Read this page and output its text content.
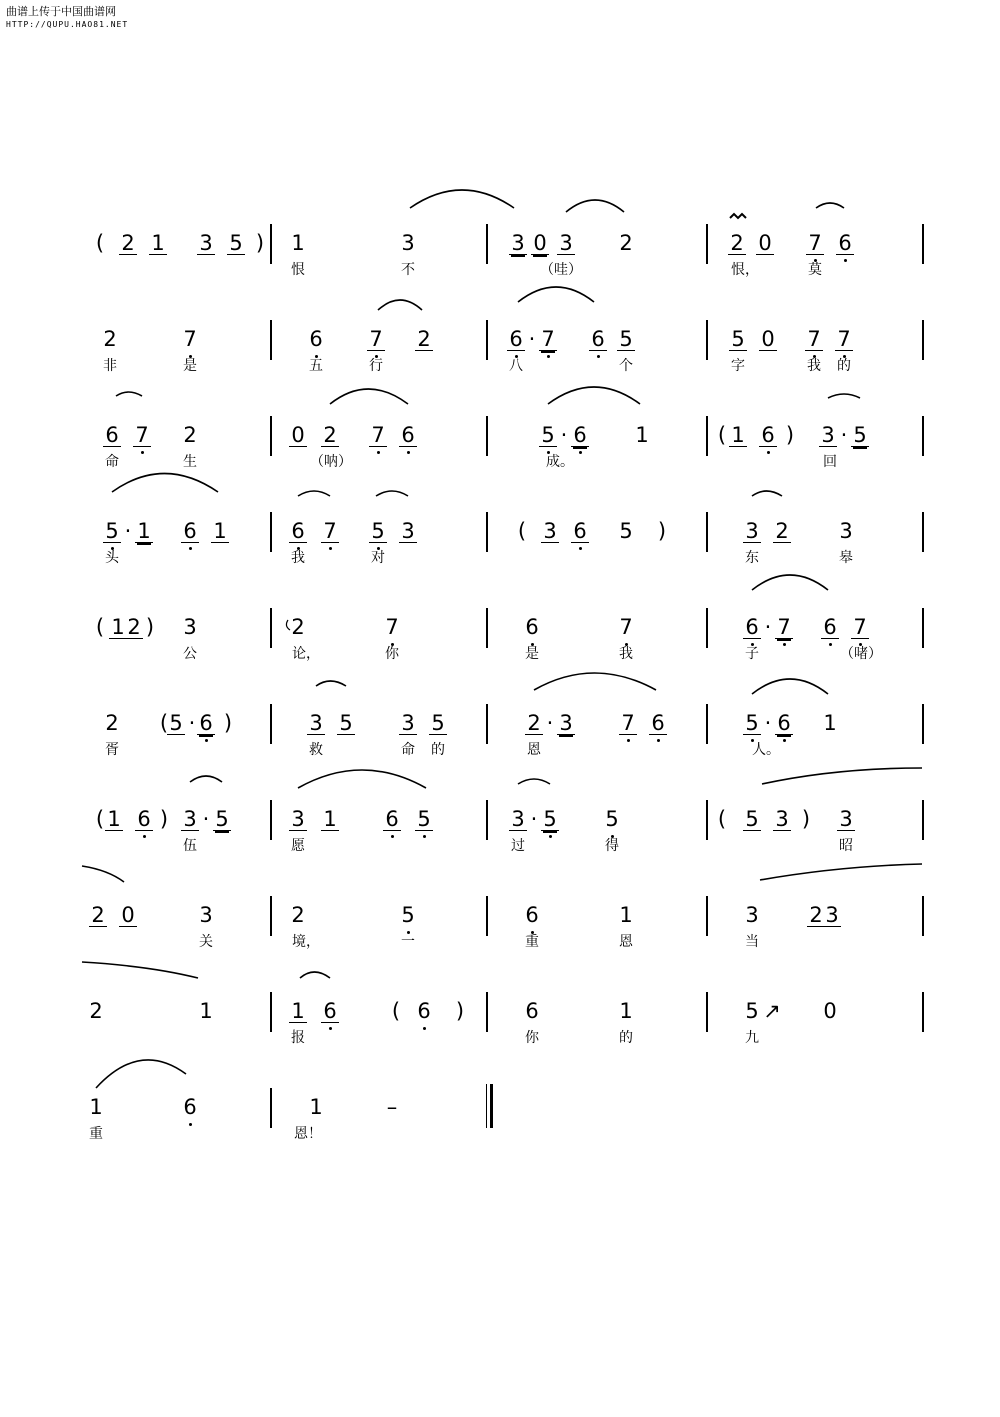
曲谱上传于中国曲谱网
HTTP://QUPU.HAO81.NET
( 2 1 3 5 )	1	3	3 0 3	2	2 0 7 6
恨	不	（哇）	恨，	莫
2	7	6	7 2	6 · 7 6 5	5 0 7 7
非	是	五	行	八	个	字	我	的
6 7	2	0 2 7 6	5 · 6	1	( 1 6 )	3 · 5
命	生	（呐）	成。	回
5 · 1 6 1	6 7 5 3	( 3 6	5	)	3 2	3
头	我	对	东	皋
( 1 2 )	3	2	7	6	7	6 · 7 6 7
公	论，	你	是	我	子	（啫）
2	( 5 · 6 )	3 5 3 5	2 · 3 7 6	5 · 6	1
胥	救	命	的	恩	人。
( 1 6 ) 3 · 5	3 1 6 5	3 · 5	5	( 5 3 )	3
伍	愿	过	得	昭
2 0	3	2	5	6	1	3	2 3
关	境，	一	重	恩	当
2	1	1 6	( 6	)	6	1	5 ↗	0
报	你	的	九
1	6	1	–
重	恩！
